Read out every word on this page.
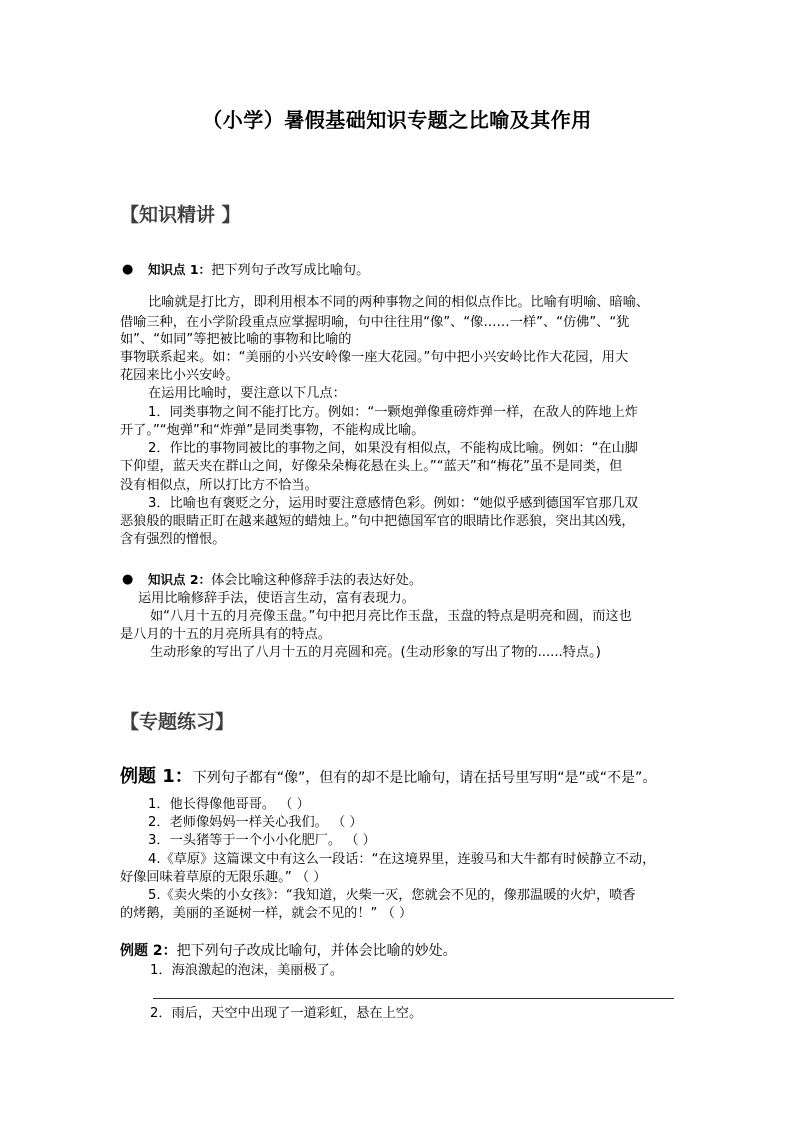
（小学）暑假基础知识专题之比喻及其作用
【知识精讲 】
● 知识点 1：把下列句子改写成比喻句。
比喻就是打比方，即利用根本不同的两种事物之间的相似点作比。比喻有明喻、暗喻、
借喻三种，在小学阶段重点应掌握明喻，句中往往用“像”、“像……一样”、“仿佛”、“犹
如”、“如同”等把被比喻的事物和比喻的
事物联系起来。如：“美丽的小兴安岭像一座大花园。”句中把小兴安岭比作大花园，用大
花园来比小兴安岭。
在运用比喻时，要注意以下几点：
1．同类事物之间不能打比方。例如：“一颗炮弹像重磅炸弹一样，在敌人的阵地上炸
开了。”“炮弹”和“炸弹”是同类事物，不能构成比喻。
2．作比的事物同被比的事物之间，如果没有相似点，不能构成比喻。例如：“在山脚
下仰望，蓝天夹在群山之间，好像朵朵梅花悬在头上。”“蓝天”和“梅花”虽不是同类，但
没有相似点，所以打比方不恰当。
3．比喻也有褒贬之分，运用时要注意感情色彩。例如：“她似乎感到德国军官那几双
恶狼般的眼睛正盯在越来越短的蜡烛上。”句中把德国军官的眼睛比作恶狼，突出其凶残，
含有强烈的憎恨。
● 知识点 2：体会比喻这种修辞手法的表达好处。
运用比喻修辞手法，使语言生动，富有表现力。
如“八月十五的月亮像玉盘。”句中把月亮比作玉盘，玉盘的特点是明亮和圆，而这也
是八月的十五的月亮所具有的特点。
生动形象的写出了八月十五的月亮圆和亮。(生动形象的写出了物的......特点。)
【专题练习】
例题 1：下列句子都有“像”，但有的却不是比喻句，请在括号里写明“是”或“不是”。
1．他长得像他哥哥。 （ ）
2．老师像妈妈一样关心我们。 （ ）
3．一头猪等于一个小小化肥厂。 （ ）
4.《草原》这篇课文中有这么一段话：“在这境界里，连骏马和大牛都有时候静立不动，
好像回味着草原的无限乐趣。” （ ）
5.《卖火柴的小女孩》：“我知道，火柴一灭，您就会不见的，像那温暖的火炉，喷香
的烤鹅，美丽的圣诞树一样，就会不见的！” （ ）
例题 2：把下列句子改成比喻句，并体会比喻的妙处。
1．海浪激起的泡沫，美丽极了。
2．雨后，天空中出现了一道彩虹，悬在上空。
